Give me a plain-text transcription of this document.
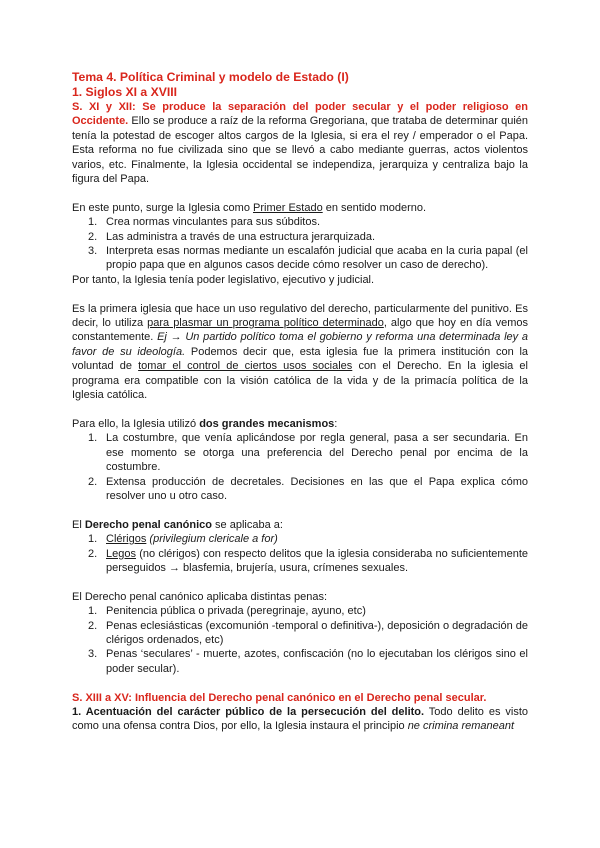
Tema 4. Política Criminal y modelo de Estado (I)
1. Siglos XI a XVIII

S. XI y XII: Se produce la separación del poder secular y el poder religioso en Occidente. Ello se produce a raíz de la reforma Gregoriana, que trataba de determinar quién tenía la potestad de escoger altos cargos de la Iglesia, si era el rey / emperador o el Papa. Esta reforma no fue civilizada sino que se llevó a cabo mediante guerras, actos violentos varios, etc. Finalmente, la Iglesia occidental se independiza, jerarquiza y centraliza bajo la figura del Papa.

En este punto, surge la Iglesia como Primer Estado en sentido moderno.

1. Crea normas vinculantes para sus súbditos.
2. Las administra a través de una estructura jerarquizada.
3. Interpreta esas normas mediante un escalafón judicial que acaba en la curia papal (el propio papa que en algunos casos decide cómo resolver un caso de derecho).

Por tanto, la Iglesia tenía poder legislativo, ejecutivo y judicial.

Es la primera iglesia que hace un uso regulativo del derecho, particularmente del punitivo. Es decir, lo utiliza para plasmar un programa político determinado, algo que hoy en día vemos constantemente. Ej → Un partido político toma el gobierno y reforma una determinada ley a favor de su ideología. Podemos decir que, esta iglesia fue la primera institución con la voluntad de tomar el control de ciertos usos sociales con el Derecho. En la iglesia el programa era compatible con la visión católica de la vida y de la primacía política de la Iglesia católica.

Para ello, la Iglesia utilizó dos grandes mecanismos:

1. La costumbre, que venía aplicándose por regla general, pasa a ser secundaria. En ese momento se otorga una preferencia del Derecho penal por encima de la costumbre.
2. Extensa producción de decretales. Decisiones en las que el Papa explica cómo resolver uno u otro caso.

El Derecho penal canónico se aplicaba a:

1. Clérigos (privilegium clericale a for)
2. Legos (no clérigos) con respecto delitos que la iglesia consideraba no suficientemente perseguidos → blasfemia, brujería, usura, crímenes sexuales.

El Derecho penal canónico aplicaba distintas penas:

1. Penitencia pública o privada (peregrinaje, ayuno, etc)
2. Penas eclesiásticas (excomunión -temporal o definitiva-), deposición o degradación de clérigos ordenados, etc)
3. Penas ‘seculares’ - muerte, azotes, confiscación (no lo ejecutaban los clérigos sino el poder secular).

S. XIII a XV: Influencia del Derecho penal canónico en el Derecho penal secular.

1. Acentuación del carácter público de la persecución del delito. Todo delito es visto como una ofensa contra Dios, por ello, la Iglesia instaura el principio ne crimina remaneant
